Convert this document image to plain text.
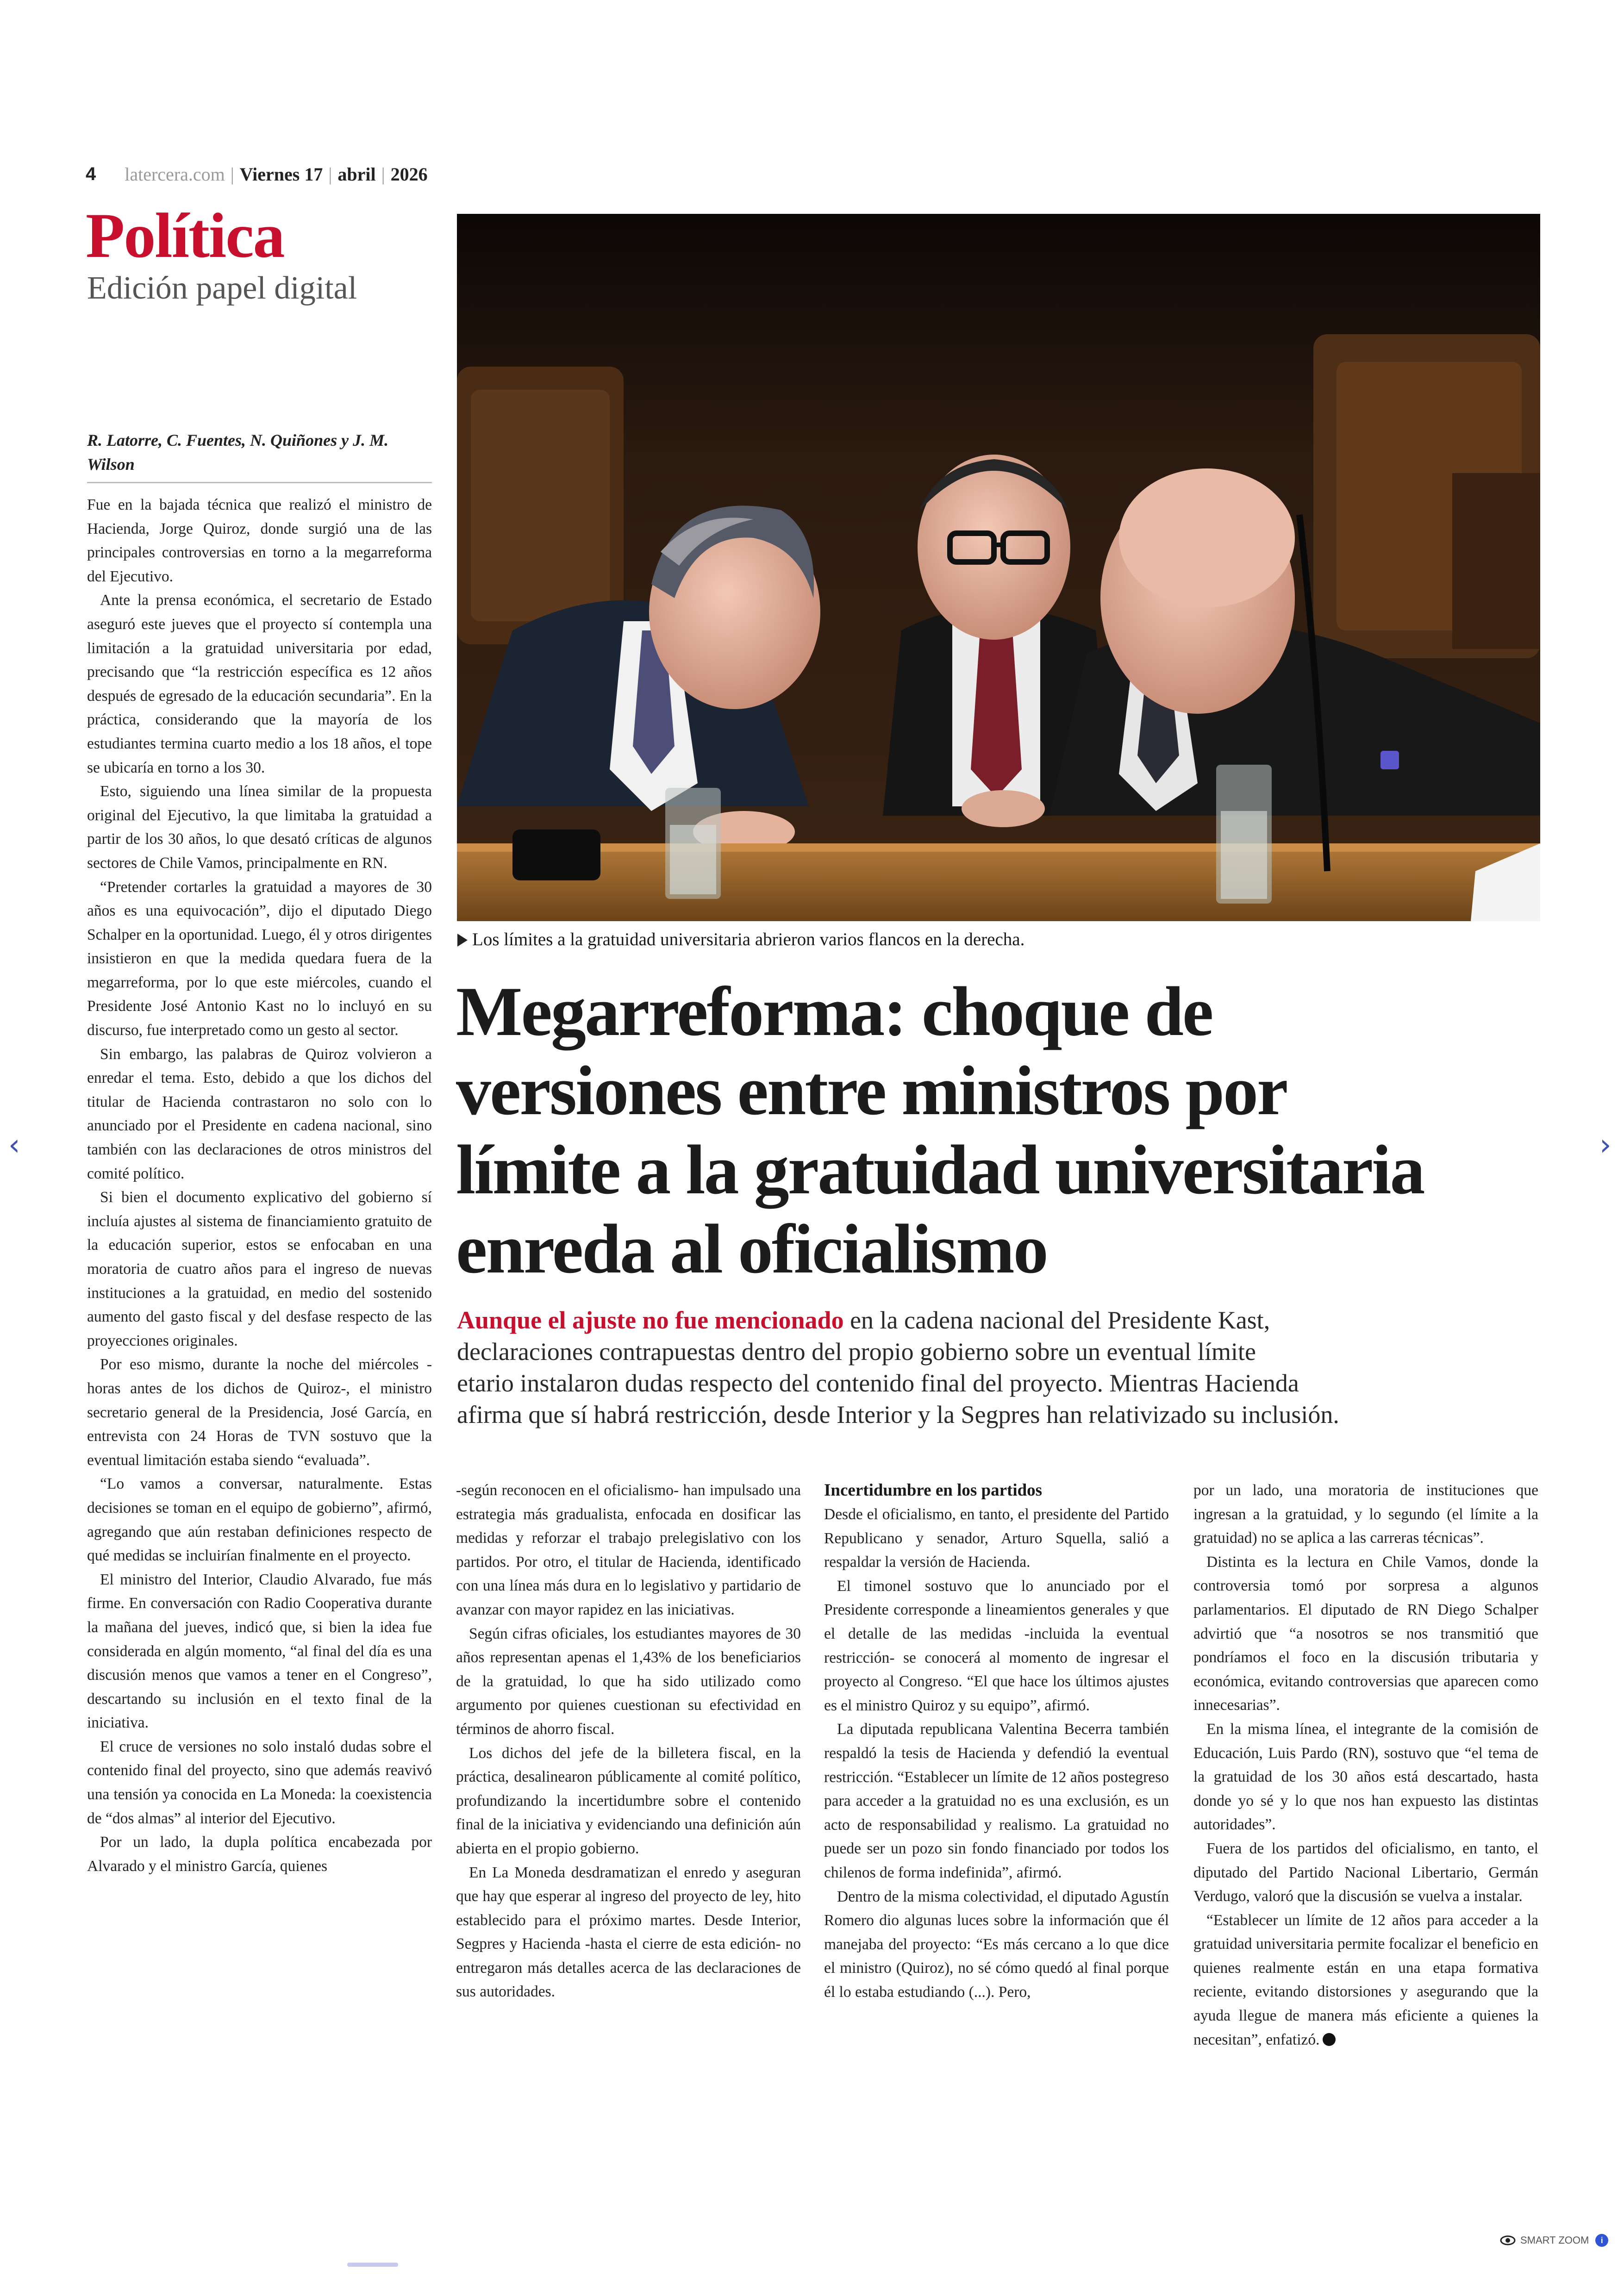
4 latercera.com | Viernes 17 | abril | 2026
Política
Edición papel digital
R. Latorre, C. Fuentes, N. Quiñones y J. M. Wilson

Fue en la bajada técnica que realizó el ministro de Hacienda, Jorge Quiroz, donde surgió una de las principales controversias en torno a la megarreforma del Ejecutivo.

Ante la prensa económica, el secretario de Estado aseguró este jueves que el proyecto sí contempla una limitación a la gratuidad universitaria por edad, precisando que “la restricción específica es 12 años después de egresado de la educación secundaria”. En la práctica, considerando que la mayoría de los estudiantes termina cuarto medio a los 18 años, el tope se ubicaría en torno a los 30.

Esto, siguiendo una línea similar de la propuesta original del Ejecutivo, la que limitaba la gratuidad a partir de los 30 años, lo que desató críticas de algunos sectores de Chile Vamos, principalmente en RN.

“Pretender cortarles la gratuidad a mayores de 30 años es una equivocación”, dijo el diputado Diego Schalper en la oportunidad. Luego, él y otros dirigentes insistieron en que la medida quedara fuera de la megarreforma, por lo que este miércoles, cuando el Presidente José Antonio Kast no lo incluyó en su discurso, fue interpretado como un gesto al sector.

Sin embargo, las palabras de Quiroz volvieron a enredar el tema. Esto, debido a que los dichos del titular de Hacienda contrastaron no solo con lo anunciado por el Presidente en cadena nacional, sino también con las declaraciones de otros ministros del comité político.

Si bien el documento explicativo del gobierno sí incluía ajustes al sistema de financiamiento gratuito de la educación superior, estos se enfocaban en una moratoria de cuatro años para el ingreso de nuevas instituciones a la gratuidad, en medio del sostenido aumento del gasto fiscal y del desfase respecto de las proyecciones originales.

Por eso mismo, durante la noche del miércoles -horas antes de los dichos de Quiroz-, el ministro secretario general de la Presidencia, José García, en entrevista con 24 Horas de TVN sostuvo que la eventual limitación estaba siendo “evaluada”.

“Lo vamos a conversar, naturalmente. Estas decisiones se toman en el equipo de gobierno”, afirmó, agregando que aún restaban definiciones respecto de qué medidas se incluirían finalmente en el proyecto.

El ministro del Interior, Claudio Alvarado, fue más firme. En conversación con Radio Cooperativa durante la mañana del jueves, indicó que, si bien la idea fue considerada en algún momento, “al final del día es una discusión menos que vamos a tener en el Congreso”, descartando su inclusión en el texto final de la iniciativa.

El cruce de versiones no solo instaló dudas sobre el contenido final del proyecto, sino que además reavivó una tensión ya conocida en La Moneda: la coexistencia de “dos almas” al interior del Ejecutivo.

Por un lado, la dupla política encabezada por Alvarado y el ministro García, quienes

Los límites a la gratuidad universitaria abrieron varios flancos en la derecha.
Megarreforma: choque de
versiones entre ministros por
límite a la gratuidad universitaria
enreda al oficialismo
Aunque el ajuste no fue mencionado en la cadena nacional del Presidente Kast,
declaraciones contrapuestas dentro del propio gobierno sobre un eventual límite
etario instalaron dudas respecto del contenido final del proyecto. Mientras Hacienda
afirma que sí habrá restricción, desde Interior y la Segpres han relativizado su inclusión.

-según reconocen en el oficialismo- han impulsado una estrategia más gradualista, enfocada en dosificar las medidas y reforzar el trabajo prelegislativo con los partidos. Por otro, el titular de Hacienda, identificado con una línea más dura en lo legislativo y partidario de avanzar con mayor rapidez en las iniciativas.

Según cifras oficiales, los estudiantes mayores de 30 años representan apenas el 1,43% de los beneficiarios de la gratuidad, lo que ha sido utilizado como argumento por quienes cuestionan su efectividad en términos de ahorro fiscal.

Los dichos del jefe de la billetera fiscal, en la práctica, desalinearon públicamente al comité político, profundizando la incertidumbre sobre el contenido final de la iniciativa y evidenciando una definición aún abierta en el propio gobierno.

En La Moneda desdramatizan el enredo y aseguran que hay que esperar al ingreso del proyecto de ley, hito establecido para el próximo martes. Desde Interior, Segpres y Hacienda -hasta el cierre de esta edición- no entregaron más detalles acerca de las declaraciones de sus autoridades.

Incertidumbre en los partidos

Desde el oficialismo, en tanto, el presidente del Partido Republicano y senador, Arturo Squella, salió a respaldar la versión de Hacienda.

El timonel sostuvo que lo anunciado por el Presidente corresponde a lineamientos generales y que el detalle de las medidas -incluida la eventual restricción- se conocerá al momento de ingresar el proyecto al Congreso. “El que hace los últimos ajustes es el ministro Quiroz y su equipo”, afirmó.

La diputada republicana Valentina Becerra también respaldó la tesis de Hacienda y defendió la eventual restricción. “Establecer un límite de 12 años postegreso para acceder a la gratuidad no es una exclusión, es un acto de responsabilidad y realismo. La gratuidad no puede ser un pozo sin fondo financiado por todos los chilenos de forma indefinida”, afirmó.

Dentro de la misma colectividad, el diputado Agustín Romero dio algunas luces sobre la información que él manejaba del proyecto: “Es más cercano a lo que dice el ministro (Quiroz), no sé cómo quedó al final porque él lo estaba estudiando (...). Pero,

por un lado, una moratoria de instituciones que ingresan a la gratuidad, y lo segundo (el límite a la gratuidad) no se aplica a las carreras técnicas”.

Distinta es la lectura en Chile Vamos, donde la controversia tomó por sorpresa a algunos parlamentarios. El diputado de RN Diego Schalper advirtió que “a nosotros se nos transmitió que pondríamos el foco en la discusión tributaria y económica, evitando controversias que aparecen como innecesarias”.

En la misma línea, el integrante de la comisión de Educación, Luis Pardo (RN), sostuvo que “el tema de la gratuidad de los 30 años está descartado, hasta donde yo sé y lo que nos han expuesto las distintas autoridades”.

Fuera de los partidos del oficialismo, en tanto, el diputado del Partido Nacional Libertario, Germán Verdugo, valoró que la discusión se vuelva a instalar.

“Establecer un límite de 12 años para acceder a la gratuidad universitaria permite focalizar el beneficio en quienes realmente están en una etapa formativa reciente, evitando distorsiones y asegurando que la ayuda llegue de manera más eficiente a quienes la necesitan”, enfatizó.

‹	›
SMART ZOOM	i
